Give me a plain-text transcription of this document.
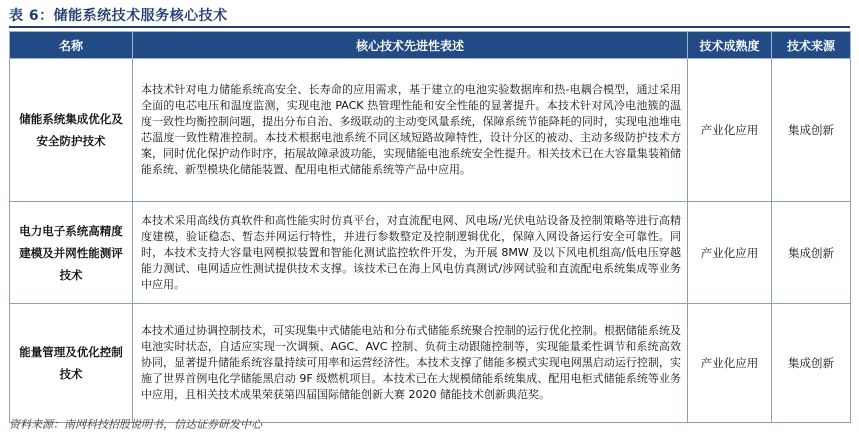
表 6：储能系统技术服务核心技术
名称	核心技术先进性表述	技术成熟度	技术来源
储能系统集成优化及安全防护技术	本技术针对电力储能系统高安全、长寿命的应用需求，基于建立的电池实验数据库和热-电耦合模型，通过采用全面的电芯电压和温度监测，实现电池 PACK 热管理性能和安全性能的显著提升。本技术针对风冷电池簇的温度一致性均衡控制问题，提出分布自治、多级联动的主动变风量系统，保障系统节能降耗的同时，实现电池堆电芯温度一致性精准控制。本技术根据电池系统不同区域短路故障特性，设计分区的被动、主动多级防护技术方案，同时优化保护动作时序，拓展故障录波功能，实现储能电池系统安全性提升。相关技术已在大容量集装箱储能系统、新型模块化储能装置、配用电柜式储能系统等产品中应用。	产业化应用	集成创新
电力电子系统高精度建模及并网性能测评技术	本技术采用高线仿真软件和高性能实时仿真平台，对直流配电网、风电场/光伏电站设备及控制策略等进行高精度建模，验证稳态、暂态并网运行特性，并进行参数整定及控制逻辑优化，保障入网设备运行安全可靠性。同时，本技术支持大容量电网模拟装置和智能化测试监控软件开发，为开展 8MW 及以下风电机组高/低电压穿越能力测试、电网适应性测试提供技术支撑。该技术已在海上风电仿真测试/涉网试验和直流配电系统集成等业务中应用。	产业化应用	集成创新
能量管理及优化控制技术	本技术通过协调控制技术，可实现集中式储能电站和分布式储能系统聚合控制的运行优化控制。根据储能系统及电池实时状态，自适应实现一次调频、AGC、AVC 控制、负荷主动跟随控制等，实现能量柔性调节和系统高效协同，显著提升储能系统容量持续可用率和运营经济性。本技术支撑了储能多模式实现电网黑启动运行控制，实施了世界首例电化学储能黑启动 9F 级燃机项目。本技术已在大规模储能系统集成、配用电柜式储能系统等业务中应用，且相关技术成果荣获第四届国际储能创新大赛 2020 储能技术创新典范奖。	产业化应用	集成创新
资料来源：南网科技招股说明书，信达证券研发中心
